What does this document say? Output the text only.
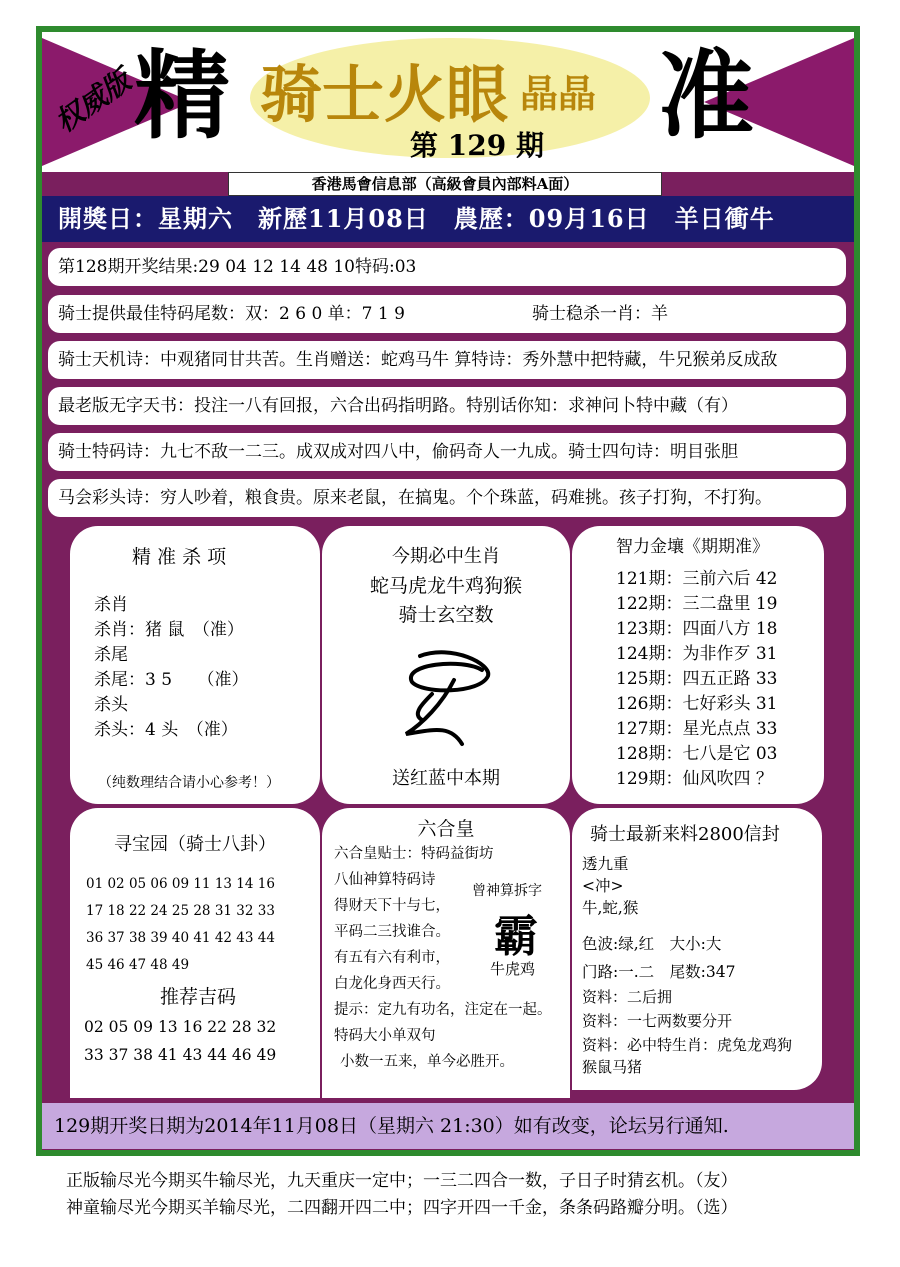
权威版
精 骑士火眼 晶晶
第 129 期 准
香港馬會信息部（高級會員內部料A面）
開獎日：星期六　新歷11月08日　農歷：09月16日　羊日衝牛
第128期开奖结果:29 04 12 14 48 10特码:03
骑士提供最佳特码尾数：双：2 6 0 单：7 1 9	骑士稳杀一肖：羊
骑士天机诗：中观猪同甘共苦。生肖赠送：蛇鸡马牛 算特诗：秀外慧中把特藏，牛兄猴弟反成敌
最老版无字天书：投注一八有回报，六合出码指明路。特别话你知：求神问卜特中藏（有）
骑士特码诗：九七不敌一二三。成双成对四八中，偷码奇人一九成。骑士四句诗：明目张胆
马会彩头诗：穷人吵着，粮食贵。原来老鼠，在搞鬼。个个珠蓝，码难挑。孩子打狗，不打狗。
精 准 杀 项
杀肖
杀肖：猪 鼠　（准）
杀尾
杀尾：3 5　　（准）
杀头
杀头：4 头　（准）
（纯数理结合请小心参考！）
今期必中生肖
蛇马虎龙牛鸡狗猴
骑士玄空数
送红蓝中本期
智力金壤《期期准》
121期：三前六后 42
122期：三二盘里 19
123期：四面八方 18
124期：为非作歹 31
125期：四五正路 33
126期：七好彩头 31
127期：星光点点 33
128期：七八是它 03
129期：仙风吹四 ？
寻宝园（骑士八卦）
01 02 05 06 09 11 13 14 16
17 18 22 24 25 28 31 32 33
36 37 38 39 40 41 42 43 44
45 46 47 48 49
推荐吉码
02 05 09 13 16 22 28 32
33 37 38 41 43 44 46 49
六合皇
六合皇贴士：特码益街坊
八仙神算特码诗
得财天下十与七，
平码二三找谁合。
有五有六有利市，
白龙化身西天行。
提示：定九有功名，注定在一起。
特码大小单双句
小数一五来，单今必胜开。
曾神算拆字
霸
牛虎鸡
骑士最新来料2800信封
透九重
<冲>
牛,蛇,猴
色波:绿,红　大小:大
门路:一.二　尾数:347
资料：二后拥
资料：一七两数要分开
资料：必中特生肖：虎兔龙鸡狗
猴鼠马猪
129期开奖日期为2014年11月08日（星期六 21:30）如有改变，论坛另行通知.
正版输尽光今期买牛输尽光，九天重庆一定中；一三二四合一数，子日子时猜玄机。（友）
神童输尽光今期买羊输尽光，二四翻开四二中；四字开四一千金，条条码路瓣分明。（选）
